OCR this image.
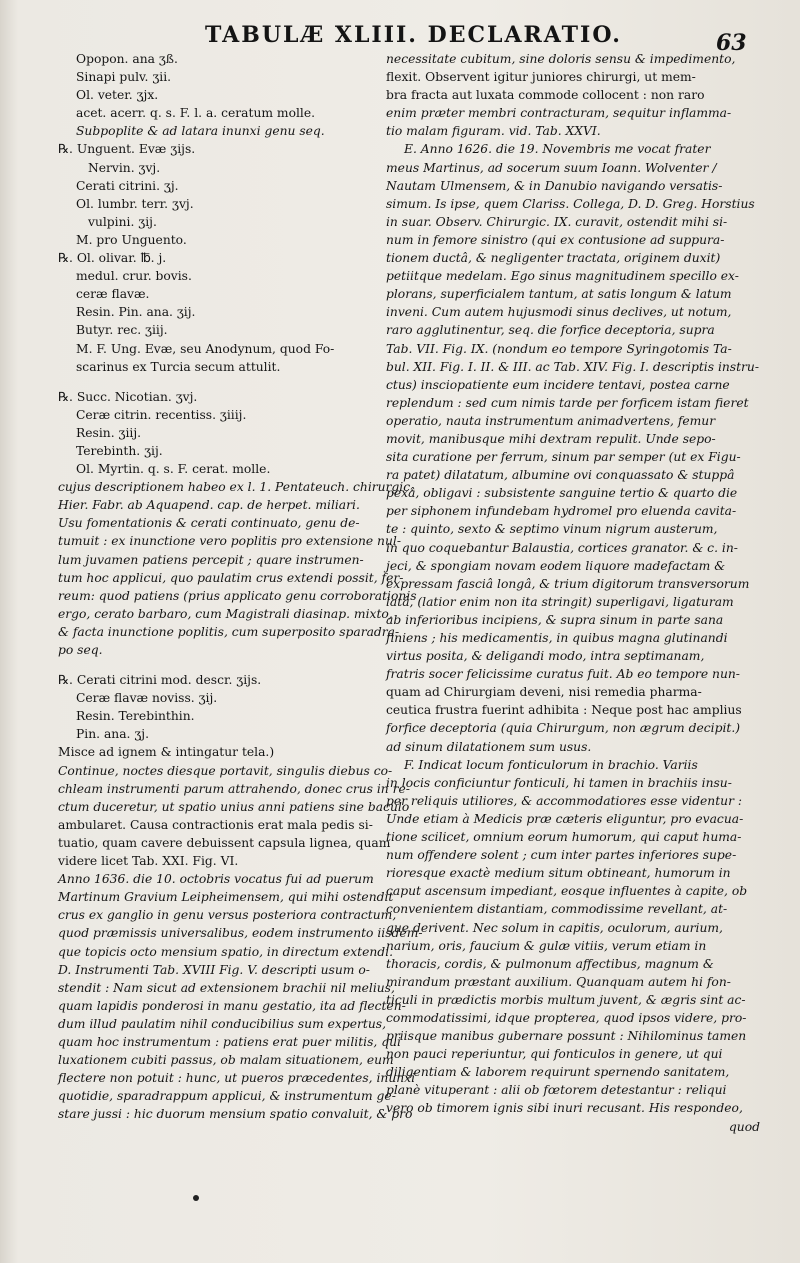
TABULÆ XLIII. DECLARATIO.	63
Opopon. ana ʒß.
Sinapi pulv. ʒii.
Ol. veter. ʒjx.
acet. acerr. q. s. F. l. a. ceratum molle.
Subpoplite & ad latara inunxi genu seq.
℞. Unguent. Evæ ʒijs.
Nervin. ʒvj.
Cerati citrini. ʒj.
Ol. lumbr. terr. ʒvj.
vulpini. ʒij.
M. pro Unguento.
℞. Ol. olivar. ℔. j.
medul. crur. bovis.
ceræ flavæ.
Resin. Pin. ana. ʒij.
Butyr. rec. ʒiij.
M. F. Ung. Evæ, seu Anodynum, quod Fo-
scarinus ex Turcia secum attulit.
℞. Succ. Nicotian. ʒvj.
Ceræ citrin. recentiss. ʒiiij.
Resin. ʒiij.
Terebinth. ʒij.
Ol. Myrtin. q. s. F. cerat. molle.
cujus descriptionem habeo ex l. 1. Pentateuch. chirurgic.
Hier. Fabr. ab Aquapend. cap. de herpet. miliari.
Usu fomentationis & cerati continuato, genu de-
tumuit : ex inunctione vero poplitis pro extensione nul-
lum juvamen patiens percepit ; quare instrumen-
tum hoc applicui, quo paulatim crus extendi possit, fer-
reum: quod patiens (prius applicato genu corroborationis
ergo, cerato barbaro, cum Magistrali diasinap. mixto,
& facta inunctione poplitis, cum superposito sparadra-
po seq.
℞. Cerati citrini mod. descr. ʒijs.
Ceræ flavæ noviss. ʒij.
Resin. Terebinthin.
Pin. ana. ʒj.
Misce ad ignem & intingatur tela.)
Continue, noctes diesque portavit, singulis diebus co-
chleam instrumenti parum attrahendo, donec crus in re-
ctum duceretur, ut spatio unius anni patiens sine baculo
ambularet. Causa contractionis erat mala pedis si-
tuatio, quam cavere debuissent capsula lignea, quam
videre licet Tab. XXI. Fig. VI.
Anno 1636. die 10. octobris vocatus fui ad puerum
Martinum Gravium Leipheimensem, qui mihi ostendit
crus ex ganglio in genu versus posteriora contractum,
quod præmissis universalibus, eodem instrumento iisdem-
que topicis octo mensium spatio, in directum extendi.
D. Instrumenti Tab. XVIII Fig. V. descripti usum o-
stendit : Nam sicut ad extensionem brachii nil melius,
quam lapidis ponderosi in manu gestatio, ita ad flecten-
dum illud paulatim nihil conducibilius sum expertus,
quam hoc instrumentum : patiens erat puer militis, qui
luxationem cubiti passus, ob malam situationem, eum
flectere non potuit : hunc, ut pueros præcedentes, inunxi
quotidie, sparadrappum applicui, & instrumentum ge-
stare jussi : hic duorum mensium spatio convaluit, & pro
necessitate cubitum, sine doloris sensu & impedimento,
flexit. Observent igitur juniores chirurgi, ut mem-
bra fracta aut luxata commode collocent : non raro
enim præter membri contracturam, sequitur inflamma-
tio malam figuram. vid. Tab. XXVI.
E. Anno 1626. die 19. Novembris me vocat frater
meus Martinus, ad socerum suum Ioann. Wolventer /
Nautam Ulmensem, & in Danubio navigando versatis-
simum. Is ipse, quem Clariss. Collega, D. D. Greg. Horstius
in suar. Observ. Chirurgic. IX. curavit, ostendit mihi si-
num in femore sinistro (qui ex contusione ad suppura-
tionem ductâ, & negligenter tractata, originem duxit)
petiitque medelam. Ego sinus magnitudinem specillo ex-
plorans, superficialem tantum, at satis longum & latum
inveni. Cum autem hujusmodi sinus declives, ut notum,
raro agglutinentur, seq. die forfice deceptoria, supra
Tab. VII. Fig. IX. (nondum eo tempore Syringotomis Ta-
bul. XII. Fig. I. II. & III. ac Tab. XIV. Fig. I. descriptis instru-
ctus) insciopatiente eum incidere tentavi, postea carne
replendum : sed cum nimis tarde per forficem istam fieret
operatio, nauta instrumentum animadvertens, femur
movit, manibusque mihi dextram repulit. Unde sepo-
sita curatione per ferrum, sinum par semper (ut ex Figu-
ra patet) dilatatum, albumine ovi conquassato & stuppâ
pexâ, obligavi : subsistente sanguine tertio & quarto die
per siphonem infundebam hydromel pro eluenda cavita-
te : quinto, sexto & septimo vinum nigrum austerum,
in quo coquebantur Balaustia, cortices granator. & c. in-
jeci, & spongiam novam eodem liquore madefactam &
expressam fasciâ longâ, & trium digitorum transversorum
latâ, (latior enim non ita stringit) superligavi, ligaturam
ab inferioribus incipiens, & supra sinum in parte sana
finiens ; his medicamentis, in quibus magna glutinandi
virtus posita, & deligandi modo, intra septimanam,
fratris socer felicissime curatus fuit. Ab eo tempore nun-
quam ad Chirurgiam deveni, nisi remedia pharma-
ceutica frustra fuerint adhibita : Neque post hac amplius
forfice deceptoria (quia Chirurgum, non ægrum decipit.)
ad sinum dilatationem sum usus.
F. Indicat locum fonticulorum in brachio. Variis
in locis conficiuntur fonticuli, hi tamen in brachiis insu-
per reliquis utiliores, & accommodatiores esse videntur :
Unde etiam à Medicis præ cæteris eliguntur, pro evacua-
tione scilicet, omnium eorum humorum, qui caput huma-
num offendere solent ; cum inter partes inferiores supe-
rioresque exactè medium situm obtineant, humorum in
caput ascensum impediant, eosque influentes à capite, ob
convenientem distantiam, commodissime revellant, at-
que derivent. Nec solum in capitis, oculorum, aurium,
narium, oris, faucium & gulæ vitiis, verum etiam in
thoracis, cordis, & pulmonum affectibus, magnum &
mirandum præstant auxilium. Quanquam autem hi fon-
ticuli in prædictis morbis multum juvent, & ægris sint ac-
commodatissimi, idque propterea, quod ipsos videre, pro-
priisque manibus gubernare possunt : Nihilominus tamen
non pauci reperiuntur, qui fonticulos in genere, ut qui
diligentiam & laborem requirunt spernendo sanitatem,
planè vituperant : alii ob fœtorem detestantur : reliqui
vero ob timorem ignis sibi inuri recusant. His respondeo,
quod
